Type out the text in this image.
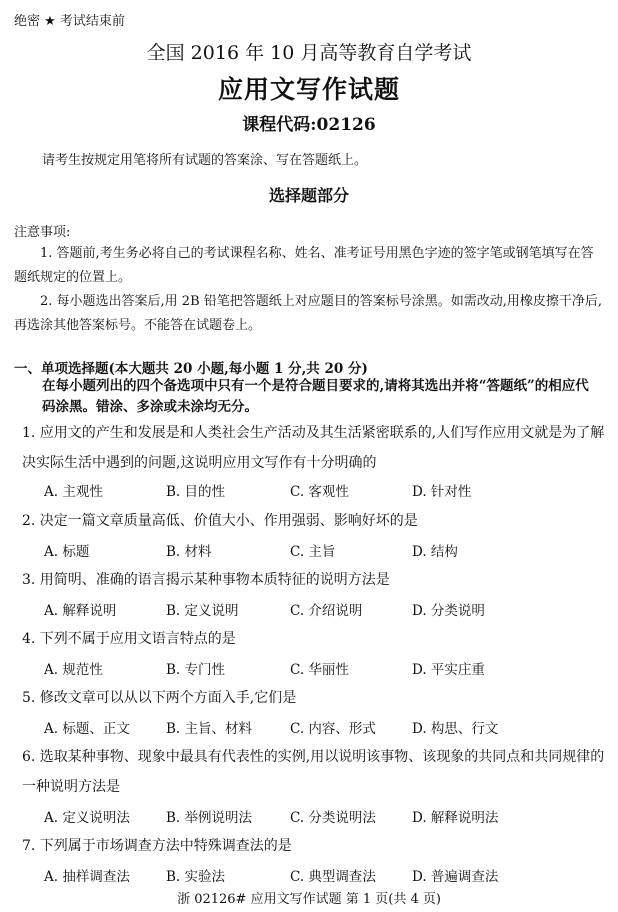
绝密 ★ 考试结束前
全国 2016 年 10 月高等教育自学考试
应用文写作试题
课程代码:02126
请考生按规定用笔将所有试题的答案涂、写在答题纸上。
选择题部分
注意事项:
1. 答题前,考生务必将自己的考试课程名称、姓名、准考证号用黑色字迹的签字笔或钢笔填写在答题纸规定的位置上。
2. 每小题选出答案后,用 2B 铅笔把答题纸上对应题目的答案标号涂黑。如需改动,用橡皮擦干净后,再选涂其他答案标号。不能答在试题卷上。
一、单项选择题(本大题共 20 小题,每小题 1 分,共 20 分)
在每小题列出的四个备选项中只有一个是符合题目要求的,请将其选出并将“答题纸”的相应代码涂黑。错涂、多涂或未涂均无分。
1. 应用文的产生和发展是和人类社会生产活动及其生活紧密联系的,人们写作应用文就是为了解决实际生活中遇到的问题,这说明应用文写作有十分明确的
A. 主观性	B. 目的性	C. 客观性	D. 针对性
2. 决定一篇文章质量高低、价值大小、作用强弱、影响好坏的是
A. 标题	B. 材料	C. 主旨	D. 结构
3. 用简明、准确的语言揭示某种事物本质特征的说明方法是
A. 解释说明	B. 定义说明	C. 介绍说明	D. 分类说明
4. 下列不属于应用文语言特点的是
A. 规范性	B. 专门性	C. 华丽性	D. 平实庄重
5. 修改文章可以从以下两个方面入手,它们是
A. 标题、正文	B. 主旨、材料	C. 内容、形式	D. 构思、行文
6. 选取某种事物、现象中最具有代表性的实例,用以说明该事物、该现象的共同点和共同规律的一种说明方法是
A. 定义说明法	B. 举例说明法	C. 分类说明法	D. 解释说明法
7. 下列属于市场调查方法中特殊调查法的是
A. 抽样调查法	B. 实验法	C. 典型调查法	D. 普遍调查法
浙 02126# 应用文写作试题 第 1 页(共 4 页)
